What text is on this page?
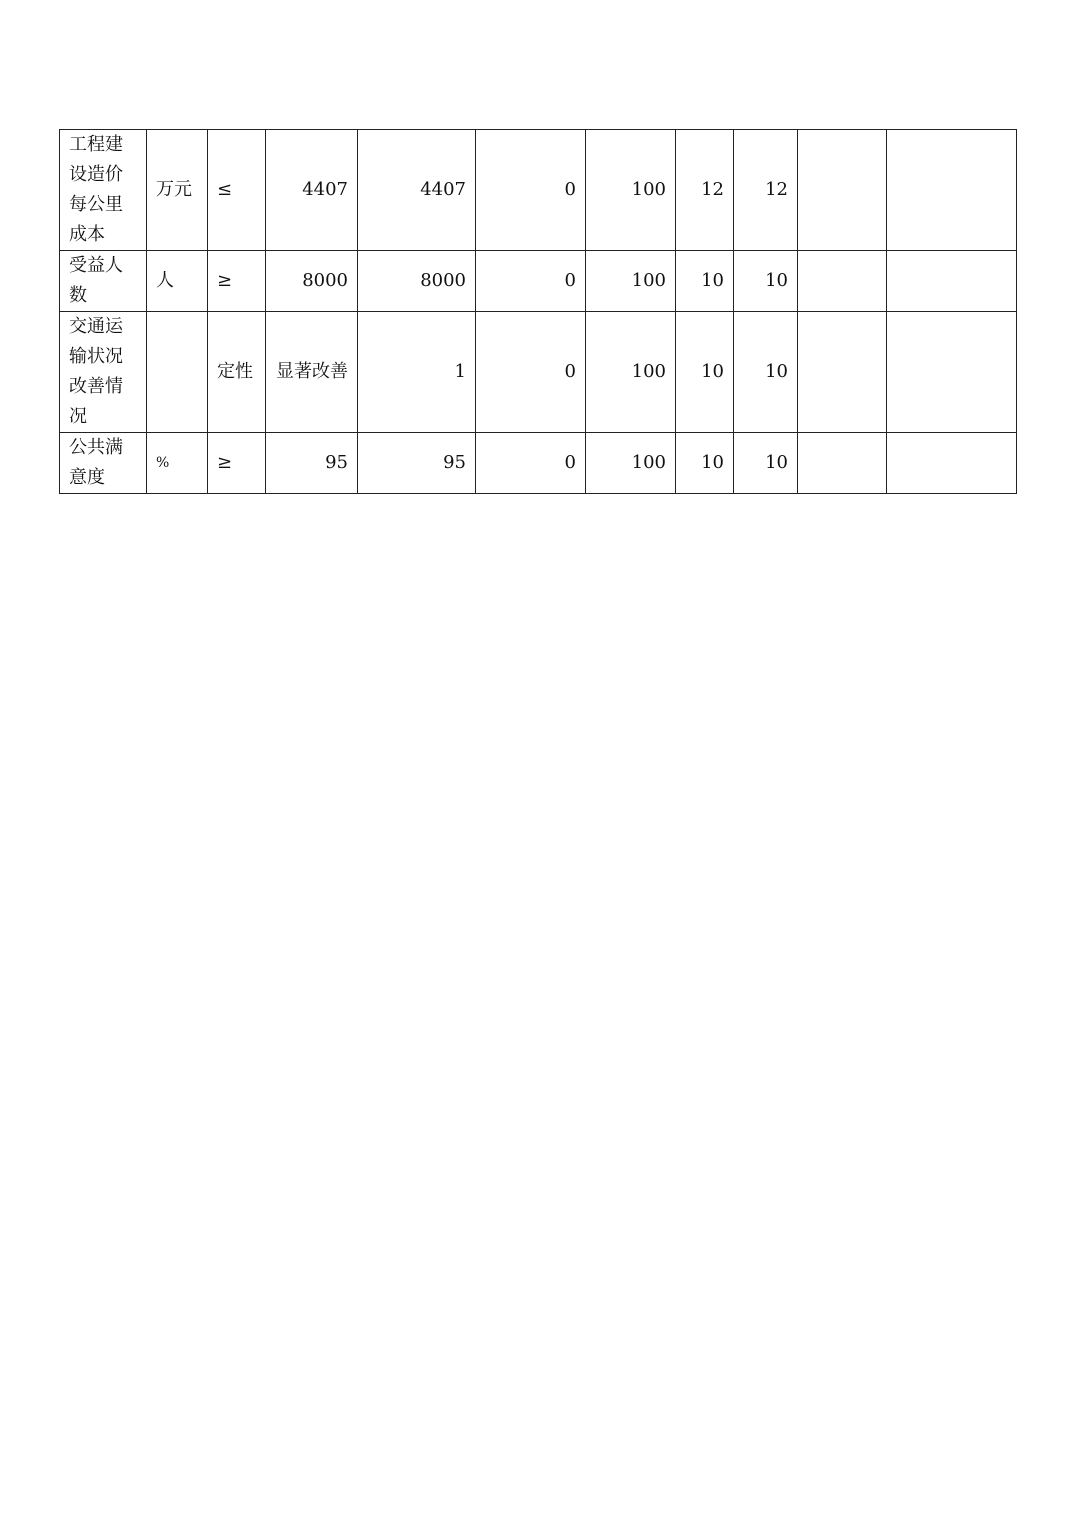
工程建设造价每公里成本	万元	≤	4407	4407	0	100	12	12		
受益人数	人	≥	8000	8000	0	100	10	10		
交通运输状况改善情况		定性	显著改善	1	0	100	10	10		
公共满意度	%	≥	95	95	0	100	10	10		
